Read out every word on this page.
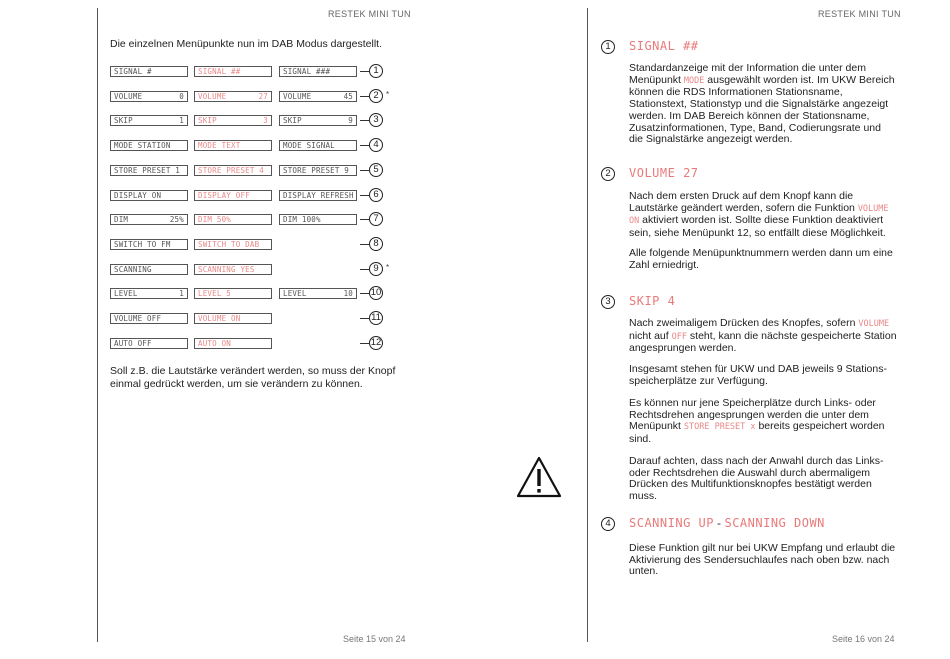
RESTEK MINI TUN
Die einzelnen Menüpunkte nun im DAB Modus dargestellt.
SIGNAL #	SIGNAL ##	SIGNAL ###	1
VOLUME	0	VOLUME	27	VOLUME	45	2 *
SKIP	1	SKIP	3	SKIP	9	3
MODE STATION	MODE TEXT	MODE SIGNAL	4
STORE PRESET 1	STORE PRESET 4	STORE PRESET 9	5
DISPLAY ON	DISPLAY OFF	DISPLAY REFRESH	6
DIM	25%	DIM 50%	DIM 100%	7
SWITCH TO FM	SWITCH TO DAB	8
SCANNING	SCANNING YES	9 *
LEVEL	1	LEVEL 5	LEVEL	10 10
VOLUME OFF	VOLUME ON	11
AUTO OFF	AUTO ON	12
Soll z.B. die Lautstärke verändert werden, so muss der Knopf einmal gedrückt werden, um sie verändern zu können.
Seite 15 von 24
RESTEK MINI TUN
Seite 16 von 24
1	SIGNAL ##

Standardanzeige mit der Information die unter dem Menüpunkt MODE ausgewählt worden ist. Im UKW Bereich können die RDS Informationen Stationsname, Stationstext, Stationstyp und die Signalstärke angezeigt werden. Im DAB Bereich können der Stationsname, Zusatzinformationen, Type, Band, Codierungsrate und die Signalstärke angezeigt werden.

2	VOLUME 27

Nach dem ersten Druck auf dem Knopf kann die Lautstärke geändert werden, sofern die Funktion VOLUME ON aktiviert worden ist. Sollte diese Funktion deaktiviert sein, siehe Menüpunkt 12, so entfällt diese Möglichkeit.

Alle folgende Menüpunktnummern werden dann um eine Zahl erniedrigt.

3	SKIP 4

Nach zweimaligem Drücken des Knopfes, sofern VOLUME nicht auf OFF steht, kann die nächste gespeicherte Station angesprungen werden.

Insgesamt stehen für UKW und DAB jeweils 9 Stations-speicherplätze zur Verfügung.

Es können nur jene Speicherplätze durch Links- oder Rechtsdrehen angesprungen werden die unter dem Menüpunkt STORE PRESET x bereits gespeichert worden sind.

Darauf achten, dass nach der Anwahl durch das Links- oder Rechtsdrehen die Auswahl durch abermaligem Drücken des Multifunktionsknopfes bestätigt werden muss.

4	SCANNING UP - SCANNING DOWN

Diese Funktion gilt nur bei UKW Empfang und erlaubt die Aktivierung des Sendersuchlaufes nach oben bzw. nach unten.
